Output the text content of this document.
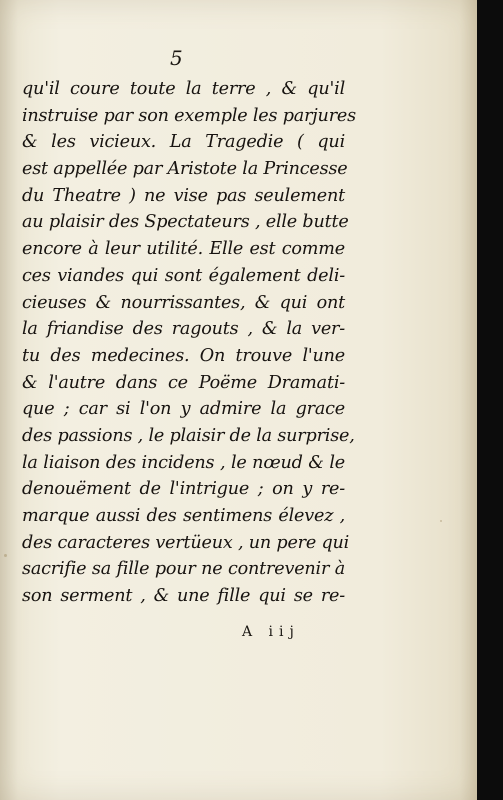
5

qu'il coure toute la terre , & qu'il

instruise par son exemple les parjures

& les vicieux. La Tragedie ( qui

est appellée par Aristote la Princesse

du Theatre ) ne vise pas seulement

au plaisir des Spectateurs , elle butte

encore à leur utilité. Elle est comme

ces viandes qui sont également deli-

cieuses & nourrissantes, & qui ont

la friandise des ragouts , & la ver-

tu des medecines. On trouve l'une

& l'autre dans ce Poëme Dramati-

que ; car si l'on y admire la grace

des passions , le plaisir de la surprise,

la liaison des incidens , le nœud & le

denouëment de l'intrigue ; on y re-

marque aussi des sentimens élevez ,

des caracteres vertüeux , un pere qui

sacrifie sa fille pour ne contrevenir à

son serment , & une fille qui se re-

A iij
